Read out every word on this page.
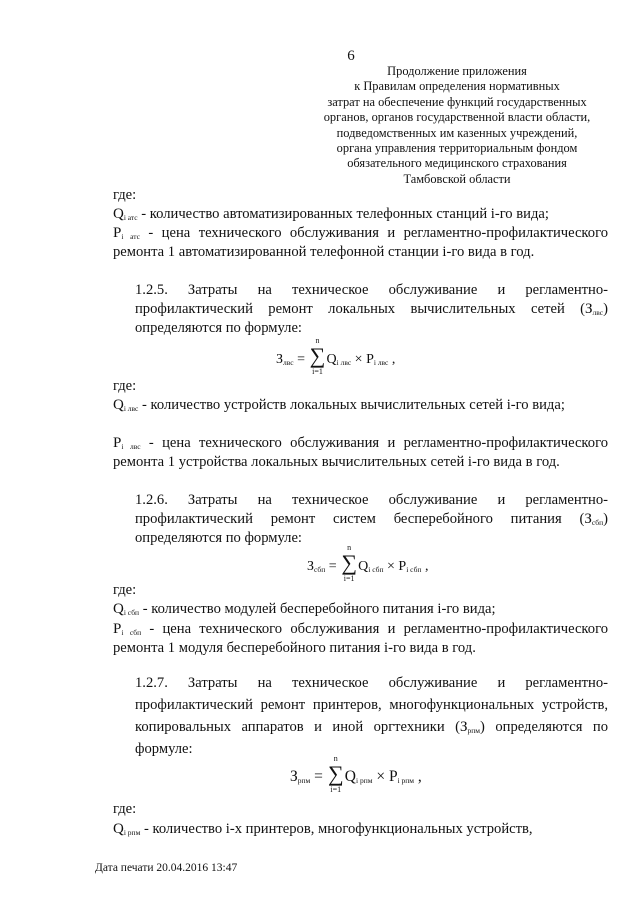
6
Продолжение приложения
к Правилам определения нормативных
затрат на обеспечение функций государственных
органов, органов государственной власти области,
подведомственных им казенных учреждений,
органа управления территориальным фондом
обязательного медицинского страхования
Тамбовской области
где:
$Q_{i атс}$ - количество автоматизированных телефонных станций i-го вида;
$P_{i атс}$ - цена технического обслуживания и регламентно-профилактического ремонта 1 автоматизированной телефонной станции i-го вида в год.
1.2.5. Затраты на техническое обслуживание и регламентно-профилактический ремонт локальных вычислительных сетей $(З_{лвс})$ определяются по формуле:
$З_{лвс}$ =
n
∑
i=1
$Q_{i лвс} \times P_{i лвс}$ ,
где:
$Q_{i лвс}$ - количество устройств локальных вычислительных сетей i-го вида;
$P_{i лвс}$ - цена технического обслуживания и регламентно-профилактического ремонта 1 устройства локальных вычислительных сетей i-го вида в год.
1.2.6. Затраты на техническое обслуживание и регламентно-профилактический ремонт систем бесперебойного питания $(З_{сбп})$ определяются по формуле:
$З_{сбп}$ =
n
∑
i=1
$Q_{i сбп} \times P_{i сбп}$ ,
где:
$Q_{i сбп}$ - количество модулей бесперебойного питания i-го вида;
$P_{i сбп}$ - цена технического обслуживания и регламентно-профилактического ремонта 1 модуля бесперебойного питания i-го вида в год.
1.2.7. Затраты на техническое обслуживание и регламентно-профилактический ремонт принтеров, многофункциональных устройств, копировальных аппаратов и иной оргтехники $(З_{рпм})$ определяются по формуле:
$З_{рпм}$ =
n
∑
i=1
$Q_{i рпм} \times P_{i рпм}$ ,
где:
$Q_{i рпм}$ - количество i-х принтеров, многофункциональных устройств,
Дата печати 20.04.2016 13:47
